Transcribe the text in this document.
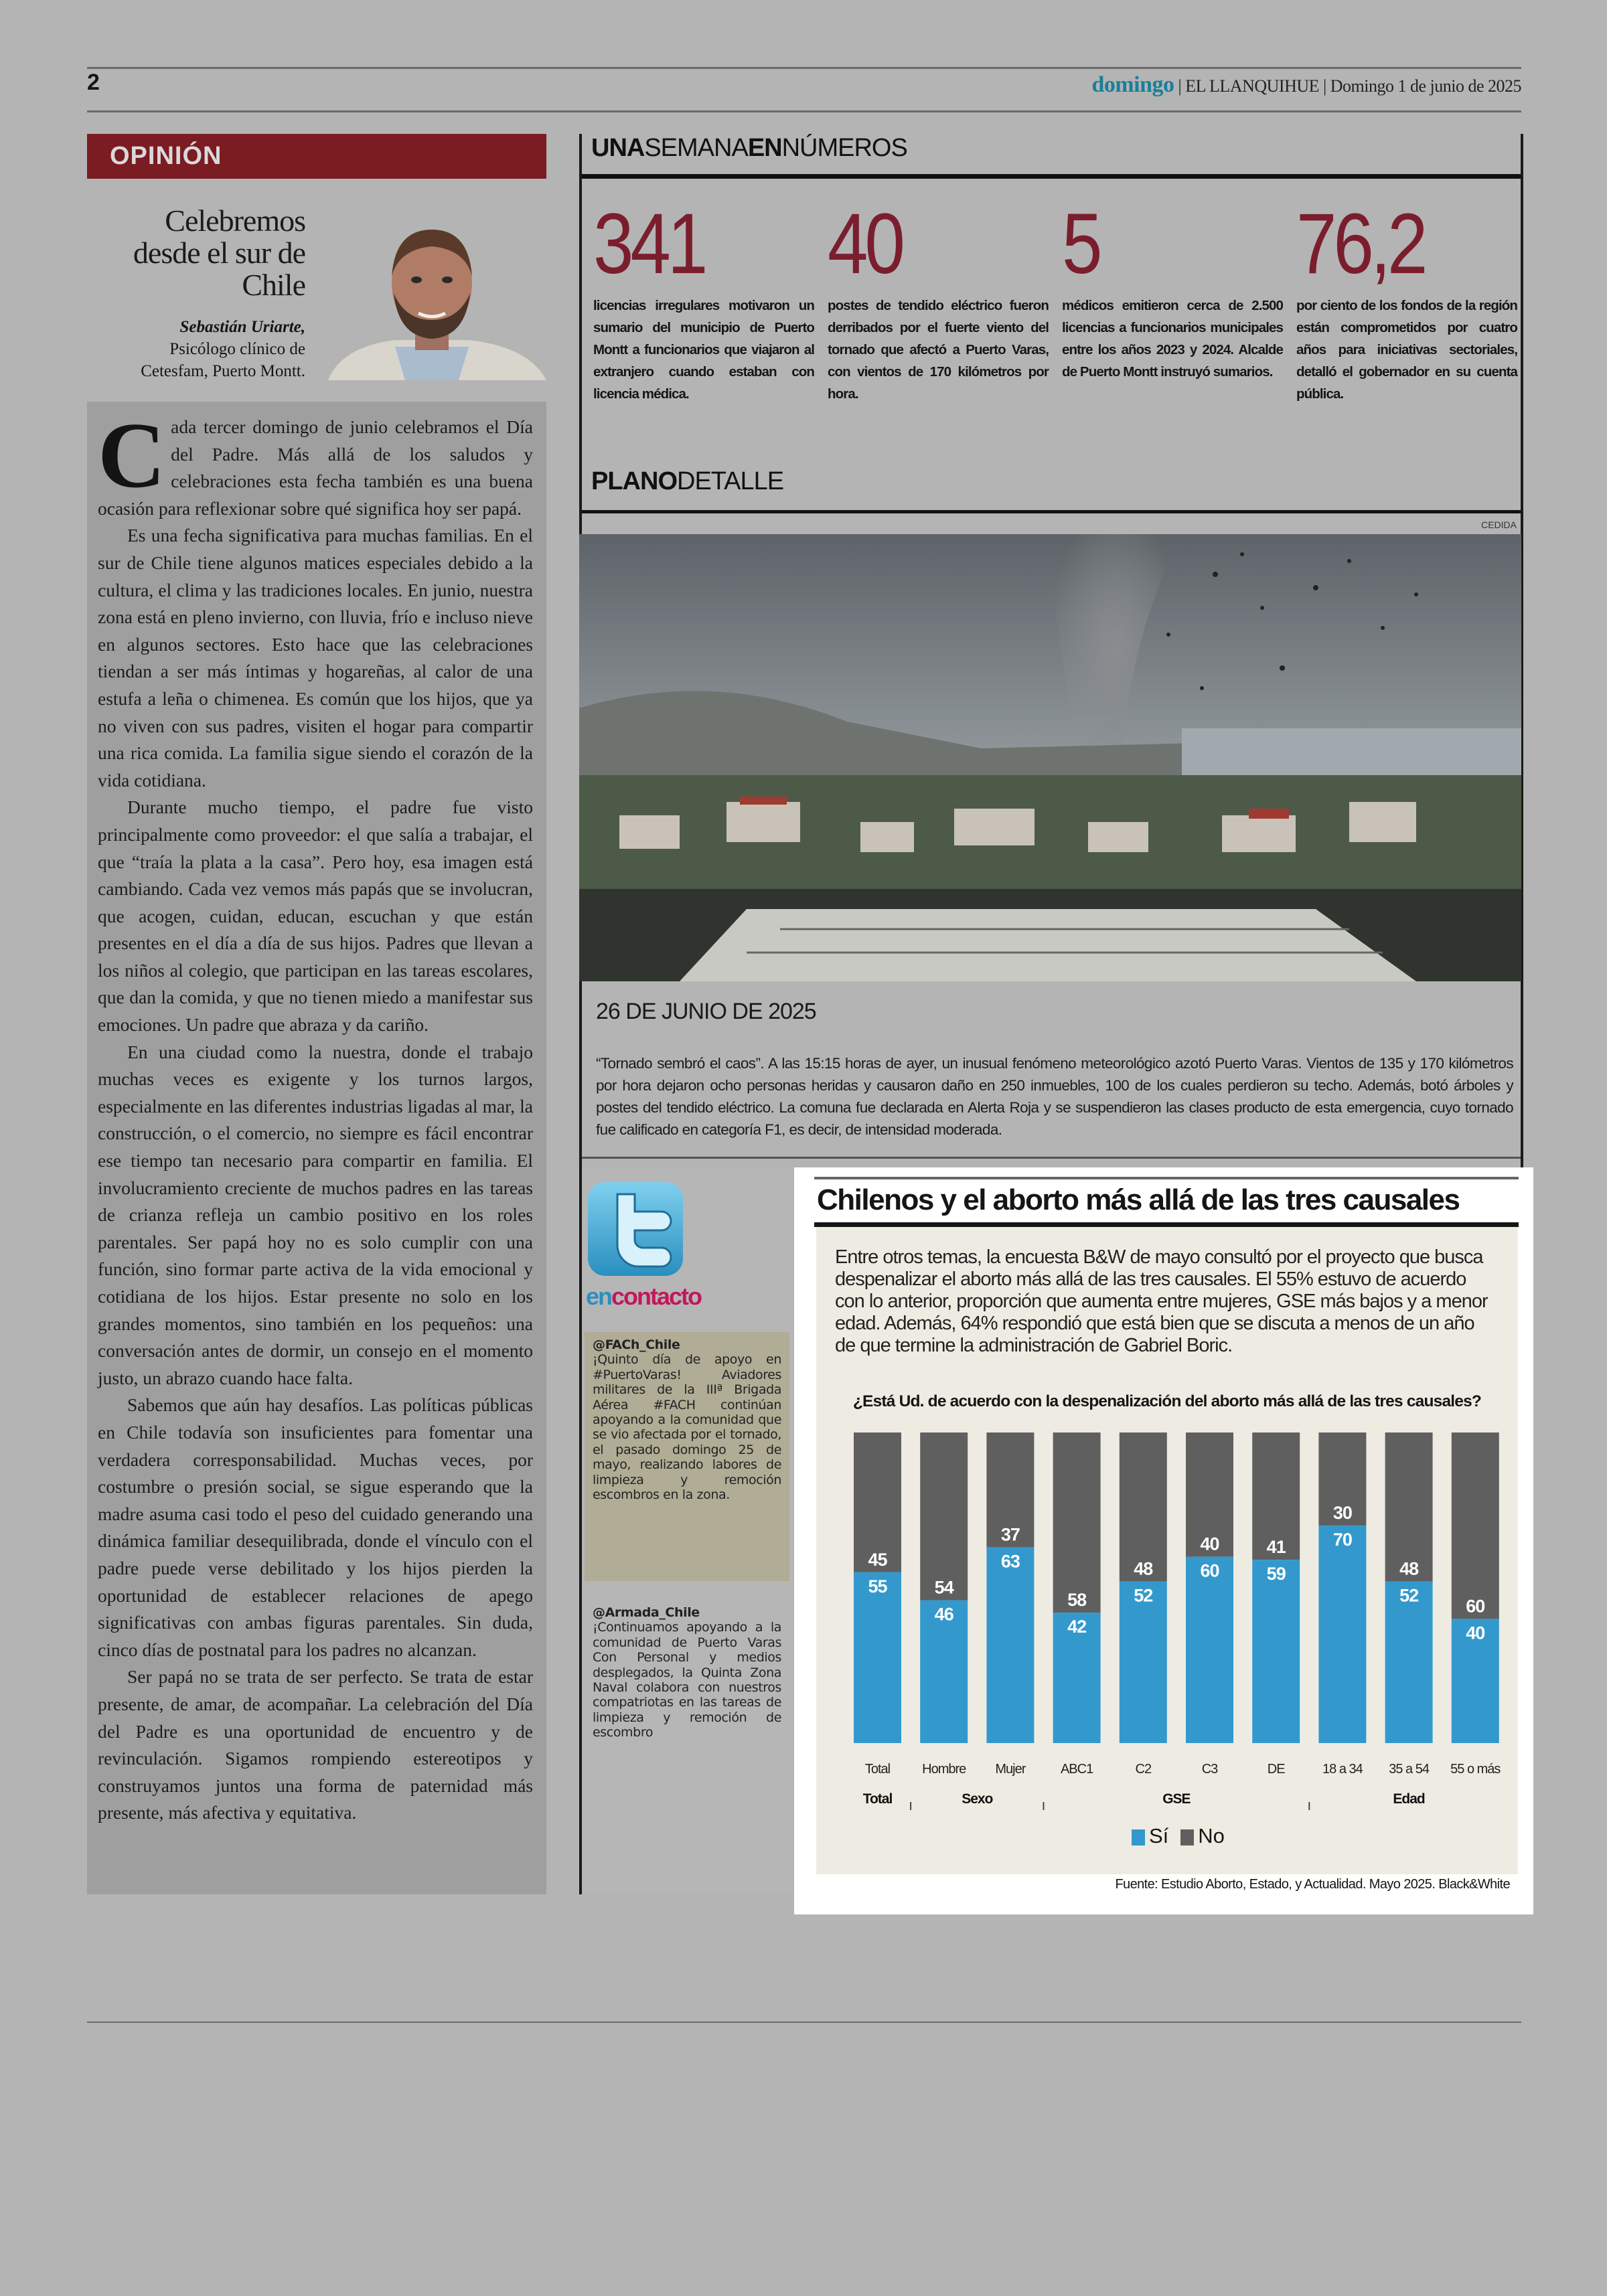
2	domingo | EL LLANQUIHUE | Domingo 1 de junio de 2025
OPINIÓN
Celebremos desde el sur de Chile
Sebastián Uriarte,
Psicólogo clínico de Cetesfam, Puerto Montt.

Cada tercer domingo de junio celebramos el Día del Padre. Más allá de los saludos y celebraciones esta fecha también es una buena ocasión para reflexionar sobre qué significa hoy ser papá.

Es una fecha significativa para muchas familias. En el sur de Chile tiene algunos matices especiales debido a la cultura, el clima y las tradiciones locales. En junio, nuestra zona está en pleno invierno, con lluvia, frío e incluso nieve en algunos sectores. Esto hace que las celebraciones tiendan a ser más íntimas y hogareñas, al calor de una estufa a leña o chimenea. Es común que los hijos, que ya no viven con sus padres, visiten el hogar para compartir una rica comida. La familia sigue siendo el corazón de la vida cotidiana.

Durante mucho tiempo, el padre fue visto principalmente como proveedor: el que salía a trabajar, el que “traía la plata a la casa”. Pero hoy, esa imagen está cambiando. Cada vez vemos más papás que se involucran, que acogen, cuidan, educan, escuchan y que están presentes en el día a día de sus hijos. Padres que llevan a los niños al colegio, que participan en las tareas escolares, que dan la comida, y que no tienen miedo a manifestar sus emociones. Un padre que abraza y da cariño.

En una ciudad como la nuestra, donde el trabajo muchas veces es exigente y los turnos largos, especialmente en las diferentes industrias ligadas al mar, la construcción, o el comercio, no siempre es fácil encontrar ese tiempo tan necesario para compartir en familia. El involucramiento creciente de muchos padres en las tareas de crianza refleja un cambio positivo en los roles parentales. Ser papá hoy no es solo cumplir con una función, sino formar parte activa de la vida emocional y cotidiana de los hijos. Estar presente no solo en los grandes momentos, sino también en los pequeños: una conversación antes de dormir, un consejo en el momento justo, un abrazo cuando hace falta.

Sabemos que aún hay desafíos. Las políticas públicas en Chile todavía son insuficientes para fomentar una verdadera corresponsabilidad. Muchas veces, por costumbre o presión social, se sigue esperando que la madre asuma casi todo el peso del cuidado generando una dinámica familiar desequilibrada, donde el vínculo con el padre puede verse debilitado y los hijos pierden la oportunidad de establecer relaciones de apego significativas con ambas figuras parentales. Sin duda, cinco días de postnatal para los padres no alcanzan.

Ser papá no se trata de ser perfecto. Se trata de estar presente, de amar, de acompañar. La celebración del Día del Padre es una oportunidad de encuentro y de revinculación. Sigamos rompiendo estereotipos y construyamos juntos una forma de paternidad más presente, más afectiva y equitativa.

UNASEMANAENNÚMEROS
341
licencias irregulares motivaron un sumario del municipio de Puerto Montt a funcionarios que viajaron al extranjero cuando estaban con licencia médica.
40
postes de tendido eléctrico fueron derribados por el fuerte viento del tornado que afectó a Puerto Varas, con vientos de 170 kilómetros por hora.
5
médicos emitieron cerca de 2.500 licencias a funcionarios municipales entre los años 2023 y 2024. Alcalde de Puerto Montt instruyó sumarios.
76,2
por ciento de los fondos de la región están comprometidos por cuatro años para iniciativas sectoriales, detalló el gobernador en su cuenta pública.
PLANODETALLE
CEDIDA
26 DE JUNIO DE 2025
“Tornado sembró el caos”. A las 15:15 horas de ayer, un inusual fenómeno meteorológico azotó Puerto Varas. Vientos de 135 y 170 kilómetros por hora dejaron ocho personas heridas y causaron daño en 250 inmuebles, 100 de los cuales perdieron su techo. Además, botó árboles y postes del tendido eléctrico. La comuna fue declarada en Alerta Roja y se suspendieron las clases producto de esta emergencia, cuyo tornado fue calificado en categoría F1, es decir, de intensidad moderada.
encontacto
@FACh_Chile
¡Quinto día de apoyo en #PuertoVaras! Aviadores militares de la IIIª Brigada Aérea #FACH continúan apoyando a la comunidad que se vio afectada por el tornado, el pasado domingo 25 de mayo, realizando labores de limpieza y remoción escombros en la zona.
@Armada_Chile
¡Continuamos apoyando a la comunidad de Puerto Varas Con Personal y medios desplegados, la Quinta Zona Naval colabora con nuestros compatriotas en las tareas de limpieza y remoción de escombro
Chilenos y el aborto más allá de las tres causales
Entre otros temas, la encuesta B&W de mayo consultó por el proyecto que busca despenalizar el aborto más allá de las tres causales. El 55% estuvo de acuerdo con lo anterior, proporción que aumenta entre mujeres, GSE más bajos y a menor edad. Además, 64% respondió que está bien que se discuta a menos de un año de que termine la administración de Gabriel Boric.
¿Está Ud. de acuerdo con la despenalización del aborto más allá de las tres causales?
45
55
Total
54
46
Hombre
37
63
Mujer
58
42
ABC1
48
52
C2
40
60
C3
41
59
DE
30
70
18 a 34
48
52
35 a 54
60
40
55 o más
Total	Sexo	GSE	Edad
Sí	No
Fuente: Estudio Aborto, Estado, y Actualidad. Mayo 2025. Black&White
